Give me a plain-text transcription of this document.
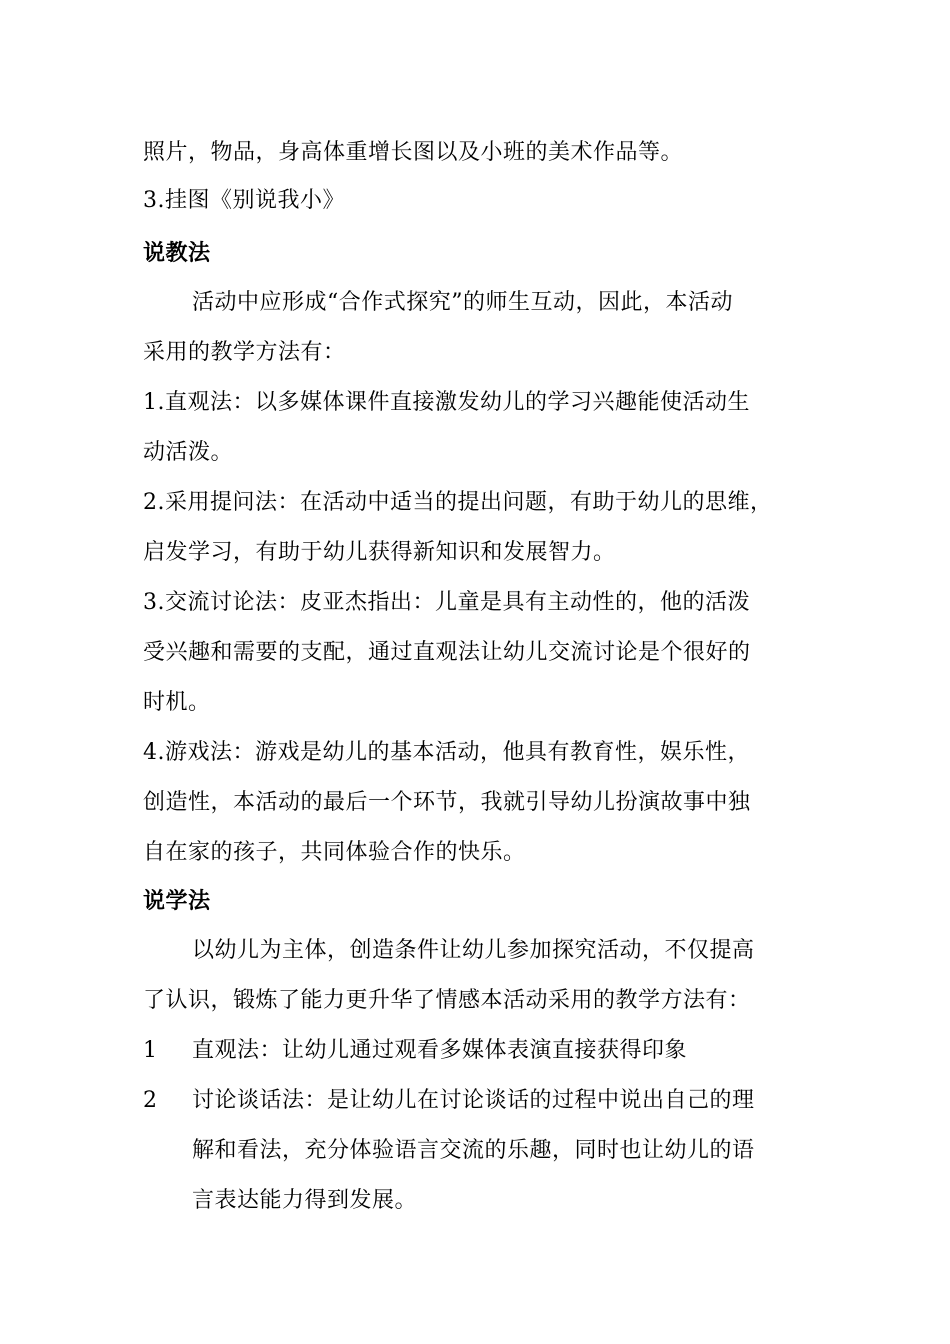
照片，物品，身高体重增长图以及小班的美术作品等。
3.挂图《别说我小》
说教法
活动中应形成“合作式探究”的师生互动，因此，本活动
采用的教学方法有：
1.直观法：以多媒体课件直接激发幼儿的学习兴趣能使活动生
动活泼。
2.采用提问法：在活动中适当的提出问题，有助于幼儿的思维，
启发学习，有助于幼儿获得新知识和发展智力。
3.交流讨论法：皮亚杰指出：儿童是具有主动性的，他的活泼
受兴趣和需要的支配，通过直观法让幼儿交流讨论是个很好的
时机。
4.游戏法：游戏是幼儿的基本活动，他具有教育性，娱乐性，
创造性，本活动的最后一个环节，我就引导幼儿扮演故事中独
自在家的孩子，共同体验合作的快乐。
说学法
以幼儿为主体，创造条件让幼儿参加探究活动，不仅提高
了认识，锻炼了能力更升华了情感本活动采用的教学方法有：
1 直观法：让幼儿通过观看多媒体表演直接获得印象
2 讨论谈话法：是让幼儿在讨论谈话的过程中说出自己的理
解和看法，充分体验语言交流的乐趣，同时也让幼儿的语
言表达能力得到发展。
